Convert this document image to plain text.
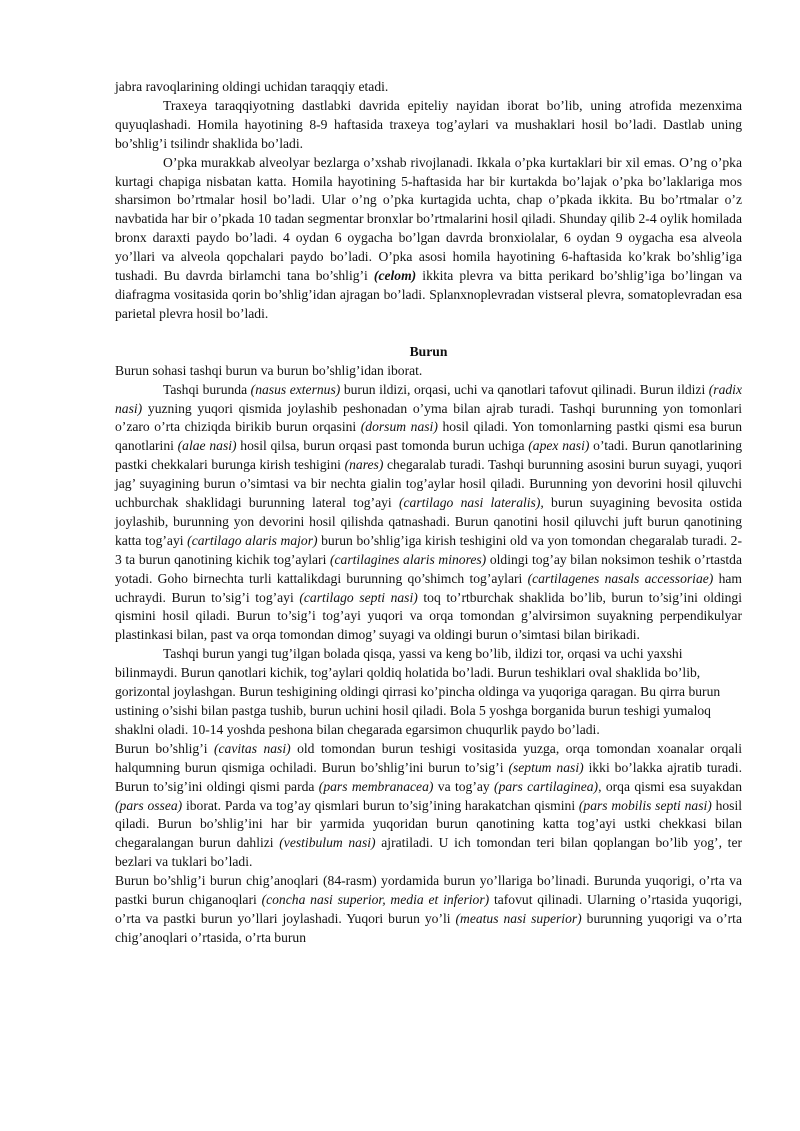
jabra ravoqlarining oldingi uchidan taraqqiy etadi.

Traxeya taraqqiyotning dastlabki davrida epiteliy nayidan iborat bo’lib, uning atrofida mezenxima quyuqlashadi. Homila hayotining 8-9 haftasida traxeya tog’aylari va mushaklari hosil bo’ladi. Dastlab uning bo’shlig’i tsilindr shaklida bo’ladi.

O’pka murakkab alveolyar bezlarga o’xshab rivojlanadi. Ikkala o’pka kurtaklari bir xil emas. O’ng o’pka kurtagi chapiga nisbatan katta. Homila hayotining 5-haftasida har bir kurtakda bo’lajak o’pka bo’laklariga mos sharsimon bo’rtmalar hosil bo’ladi. Ular o’ng o’pka kurtagida uchta, chap o’pkada ikkita. Bu bo’rtmalar o’z navbatida har bir o’pkada 10 tadan segmentar bronxlar bo’rtmalarini hosil qiladi. Shunday qilib 2-4 oylik homilada bronx daraxti paydo bo’ladi. 4 oydan 6 oygacha bo’lgan davrda bronxiolalar, 6 oydan 9 oygacha esa alveola yo’llari va alveola qopchalari paydo bo’ladi. O’pka asosi homila hayotining 6-haftasida ko’krak bo’shlig’iga tushadi. Bu davrda birlamchi tana bo’shlig’i (celom) ikkita plevra va bitta perikard bo’shlig’iga bo’lingan va diafragma vositasida qorin bo’shlig’idan ajragan bo’ladi. Splanxnoplevradan vistseral plevra, somatoplevradan esa parietal plevra hosil bo’ladi.

Burun

Burun sohasi tashqi burun va burun bo’shlig’idan iborat.

Tashqi burunda (nasus externus) burun ildizi, orqasi, uchi va qanotlari tafovut qilinadi. Burun ildizi (radix nasi) yuzning yuqori qismida joylashib peshonadan o’yma bilan ajrab turadi. Tashqi burunning yon tomonlari o’zaro o’rta chiziqda birikib burun orqasini (dorsum nasi) hosil qiladi. Yon tomonlarning pastki qismi esa burun qanotlarini (alae nasi) hosil qilsa, burun orqasi past tomonda burun uchiga (apex nasi) o’tadi. Burun qanotlarining pastki chekkalari burunga kirish teshigini (nares) chegaralab turadi. Tashqi burunning asosini burun suyagi, yuqori jag’ suyagining burun o’simtasi va bir nechta gialin tog’aylar hosil qiladi. Burunning yon devorini hosil qiluvchi uchburchak shaklidagi burunning lateral tog’ayi (cartilago nasi lateralis), burun suyagining bevosita ostida joylashib, burunning yon devorini hosil qilishda qatnashadi. Burun qanotini hosil qiluvchi juft burun qanotining katta tog’ayi (cartilago alaris major) burun bo’shlig’iga kirish teshigini old va yon tomondan chegaralab turadi. 2-3 ta burun qanotining kichik tog’aylari (cartilagines alaris minores) oldingi tog’ay bilan noksimon teshik o’rtastda yotadi. Goho birnechta turli kattalikdagi burunning qo’shimch tog’aylari (cartilagenes nasals accessoriae) ham uchraydi. Burun to’sig’i tog’ayi (cartilago septi nasi) toq to’rtburchak shaklida bo’lib, burun to’sig’ini oldingi qismini hosil qiladi. Burun to’sig’i tog’ayi yuqori va orqa tomondan g’alvirsimon suyakning perpendikulyar plastinkasi bilan, past va orqa tomondan dimog’ suyagi va oldingi burun o’simtasi bilan birikadi.

Tashqi burun yangi tug’ilgan bolada qisqa, yassi va keng bo’lib, ildizi tor, orqasi va uchi yaxshi bilinmaydi. Burun qanotlari kichik, tog’aylari qoldiq holatida bo’ladi. Burun teshiklari oval shaklida bo’lib, gorizontal joylashgan. Burun teshigining oldingi qirrasi ko’pincha oldinga va yuqoriga qaragan. Bu qirra burun ustining o’sishi bilan pastga tushib, burun uchini hosil qiladi. Bola 5 yoshga borganida burun teshigi yumaloq shaklni oladi. 10-14 yoshda peshona bilan chegarada egarsimon chuqurlik paydo bo’ladi.

Burun bo’shlig’i (cavitas nasi) old tomondan burun teshigi vositasida yuzga, orqa tomondan xoanalar orqali halqumning burun qismiga ochiladi. Burun bo’shlig’ini burun to’sig’i (septum nasi) ikki bo’lakka ajratib turadi. Burun to’sig’ini oldingi qismi parda (pars membranacea) va tog’ay (pars cartilaginea), orqa qismi esa suyakdan (pars ossea) iborat. Parda va tog’ay qismlari burun to’sig’ining harakatchan qismini (pars mobilis septi nasi) hosil qiladi. Burun bo’shlig’ini har bir yarmida yuqoridan burun qanotining katta tog’ayi ustki chekkasi bilan chegaralangan burun dahlizi (vestibulum nasi) ajratiladi. U ich tomondan teri bilan qoplangan bo’lib yog’, ter bezlari va tuklari bo’ladi.

Burun bo’shlig’i burun chig’anoqlari (84-rasm) yordamida burun yo’llariga bo’linadi. Burunda yuqorigi, o’rta va pastki burun chiganoqlari (concha nasi superior, media et inferior) tafovut qilinadi. Ularning o’rtasida yuqorigi, o’rta va pastki burun yo’llari joylashadi. Yuqori burun yo’li (meatus nasi superior) burunning yuqorigi va o’rta chig’anoqlari o’rtasida, o’rta burun
